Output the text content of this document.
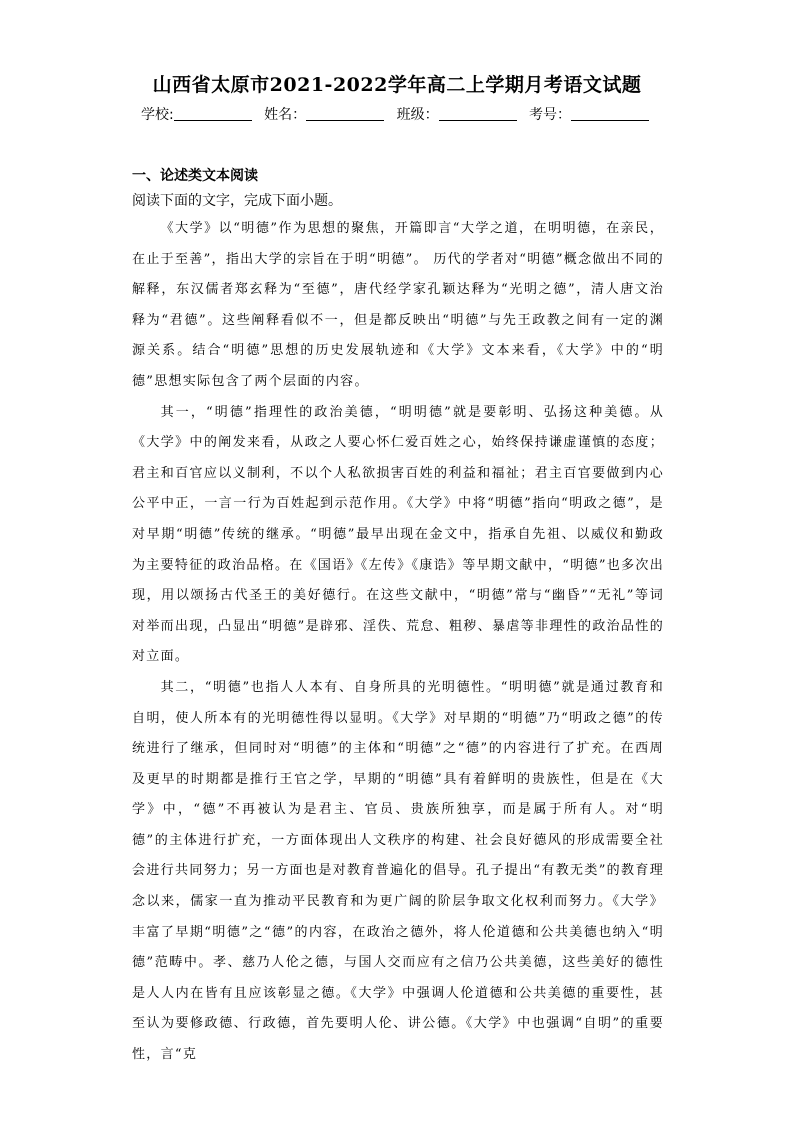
山西省太原市2021-2022学年高二上学期月考语文试题
学校:	姓名：	班级：	考号：
一、论述类文本阅读
阅读下面的文字，完成下面小题。

《大学》以“明德”作为思想的聚焦，开篇即言“大学之道，在明明德，在亲民，在止于至善”，指出大学的宗旨在于明“明德”。 历代的学者对“明德”概念做出不同的解释，东汉儒者郑玄释为“至德”，唐代经学家孔颖达释为“光明之德”，清人唐文治释为“君德”。这些阐释看似不一，但是都反映出“明德”与先王政教之间有一定的渊源关系。结合“明德”思想的历史发展轨迹和《大学》文本来看，《大学》中的“明德”思想实际包含了两个层面的内容。

其一，“明德”指理性的政治美德，“明明德”就是要彰明、弘扬这种美德。从《大学》中的阐发来看，从政之人要心怀仁爱百姓之心，始终保持谦虚谨慎的态度；君主和百官应以义制利，不以个人私欲损害百姓的利益和福祉；君主百官要做到内心公平中正，一言一行为百姓起到示范作用。《大学》中将“明德”指向“明政之德”，是对早期“明德”传统的继承。“明德”最早出现在金文中，指承自先祖、以威仪和勤政为主要特征的政治品格。在《国语》《左传》《康诰》等早期文献中，“明德”也多次出现，用以颂扬古代圣王的美好德行。在这些文献中，“明德”常与“幽昏”“无礼”等词对举而出现，凸显出“明德”是辟邪、淫佚、荒怠、粗秽、暴虐等非理性的政治品性的对立面。

其二，“明德”也指人人本有、自身所具的光明德性。“明明德”就是通过教育和自明，使人所本有的光明德性得以显明。《大学》对早期的“明德”乃“明政之德”的传统进行了继承，但同时对“明德”的主体和“明德”之“德”的内容进行了扩充。在西周及更早的时期都是推行王官之学，早期的“明德”具有着鲜明的贵族性，但是在《大学》中，“德”不再被认为是君主、官员、贵族所独享，而是属于所有人。对“明德”的主体进行扩充，一方面体现出人文秩序的构建、社会良好德风的形成需要全社会进行共同努力；另一方面也是对教育普遍化的倡导。孔子提出“有教无类”的教育理念以来，儒家一直为推动平民教育和为更广阔的阶层争取文化权利而努力。《大学》丰富了早期“明德”之“德”的内容，在政治之德外，将人伦道德和公共美德也纳入“明德”范畴中。孝、慈乃人伦之德，与国人交而应有之信乃公共美德，这些美好的德性是人人内在皆有且应该彰显之德。《大学》中强调人伦道德和公共美德的重要性，甚至认为要修政德、行政德，首先要明人伦、讲公德。《大学》中也强调“自明”的重要性，言“克
